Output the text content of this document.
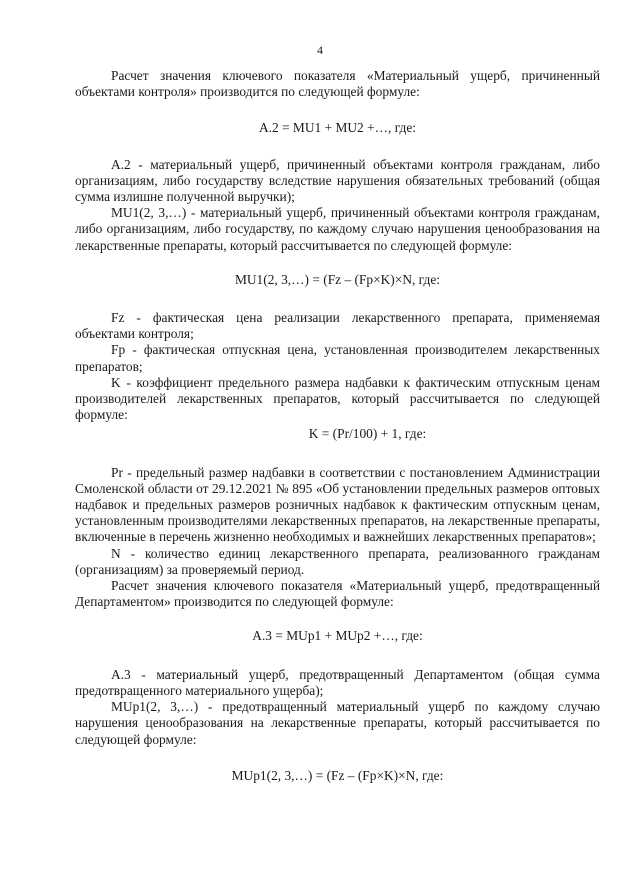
4

Расчет значения ключевого показателя «Материальный ущерб, причиненный объектами контроля» производится по следующей формуле:

А.2 = MU1 + MU2 +…, где:

А.2 - материальный ущерб, причиненный объектами контроля гражданам, либо организациям, либо государству вследствие нарушения обязательных требований (общая сумма излишне полученной выручки);

MU1(2, 3,…) - материальный ущерб, причиненный объектами контроля гражданам, либо организациям, либо государству, по каждому случаю нарушения ценообразования на лекарственные препараты, который рассчитывается по следующей формуле:

MU1(2, 3,…) = (Fz – (Fp×K)×N, где:

Fz - фактическая цена реализации лекарственного препарата, применяемая объектами контроля;

Fp - фактическая отпускная цена, установленная производителем лекарственных препаратов;

K - коэффициент предельного размера надбавки к фактическим отпускным ценам производителей лекарственных препаратов, который рассчитывается по следующей формуле:

K = (Pr/100) + 1, где:

Pr - предельный размер надбавки в соответствии с постановлением Администрации Смоленской области от 29.12.2021 № 895 «Об установлении предельных размеров оптовых надбавок и предельных размеров розничных надбавок к фактическим отпускным ценам, установленным производителями лекарственных препаратов, на лекарственные препараты, включенные в перечень жизненно необходимых и важнейших лекарственных препаратов»;

N - количество единиц лекарственного препарата, реализованного гражданам (организациям) за проверяемый период.

Расчет значения ключевого показателя «Материальный ущерб, предотвращенный Департаментом» производится по следующей формуле:

А.3 = MUp1 + MUp2 +…, где:

А.3 - материальный ущерб, предотвращенный Департаментом (общая сумма предотвращенного материального ущерба);

MUp1(2, 3,…) - предотвращенный материальный ущерб по каждому случаю нарушения ценообразования на лекарственные препараты, который рассчитывается по следующей формуле:

MUp1(2, 3,…) = (Fz – (Fp×K)×N, где:
